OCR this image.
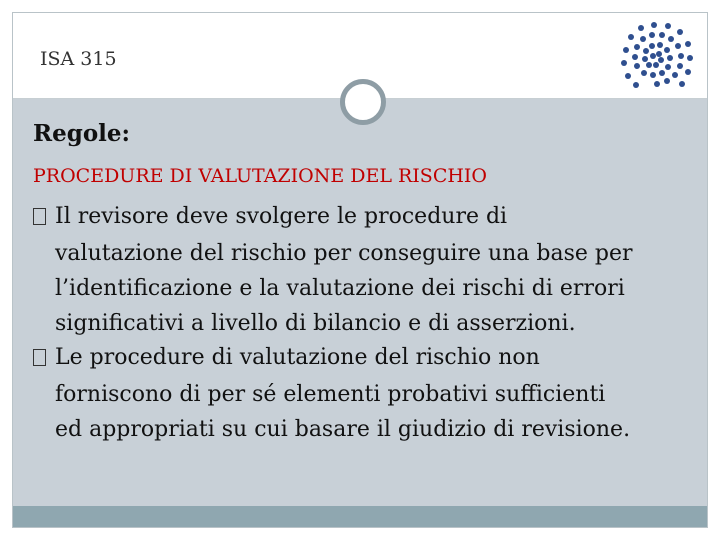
ISA 315
Regole:
PROCEDURE DI VALUTAZIONE DEL RISCHIO
Il revisore deve svolgere le procedure di
valutazione del rischio per conseguire una base per
l’identificazione e la valutazione dei rischi di errori
significativi a livello di bilancio e di asserzioni.
Le procedure di valutazione del rischio non
forniscono di per sé elementi probativi sufficienti
ed appropriati su cui basare il giudizio di revisione.
